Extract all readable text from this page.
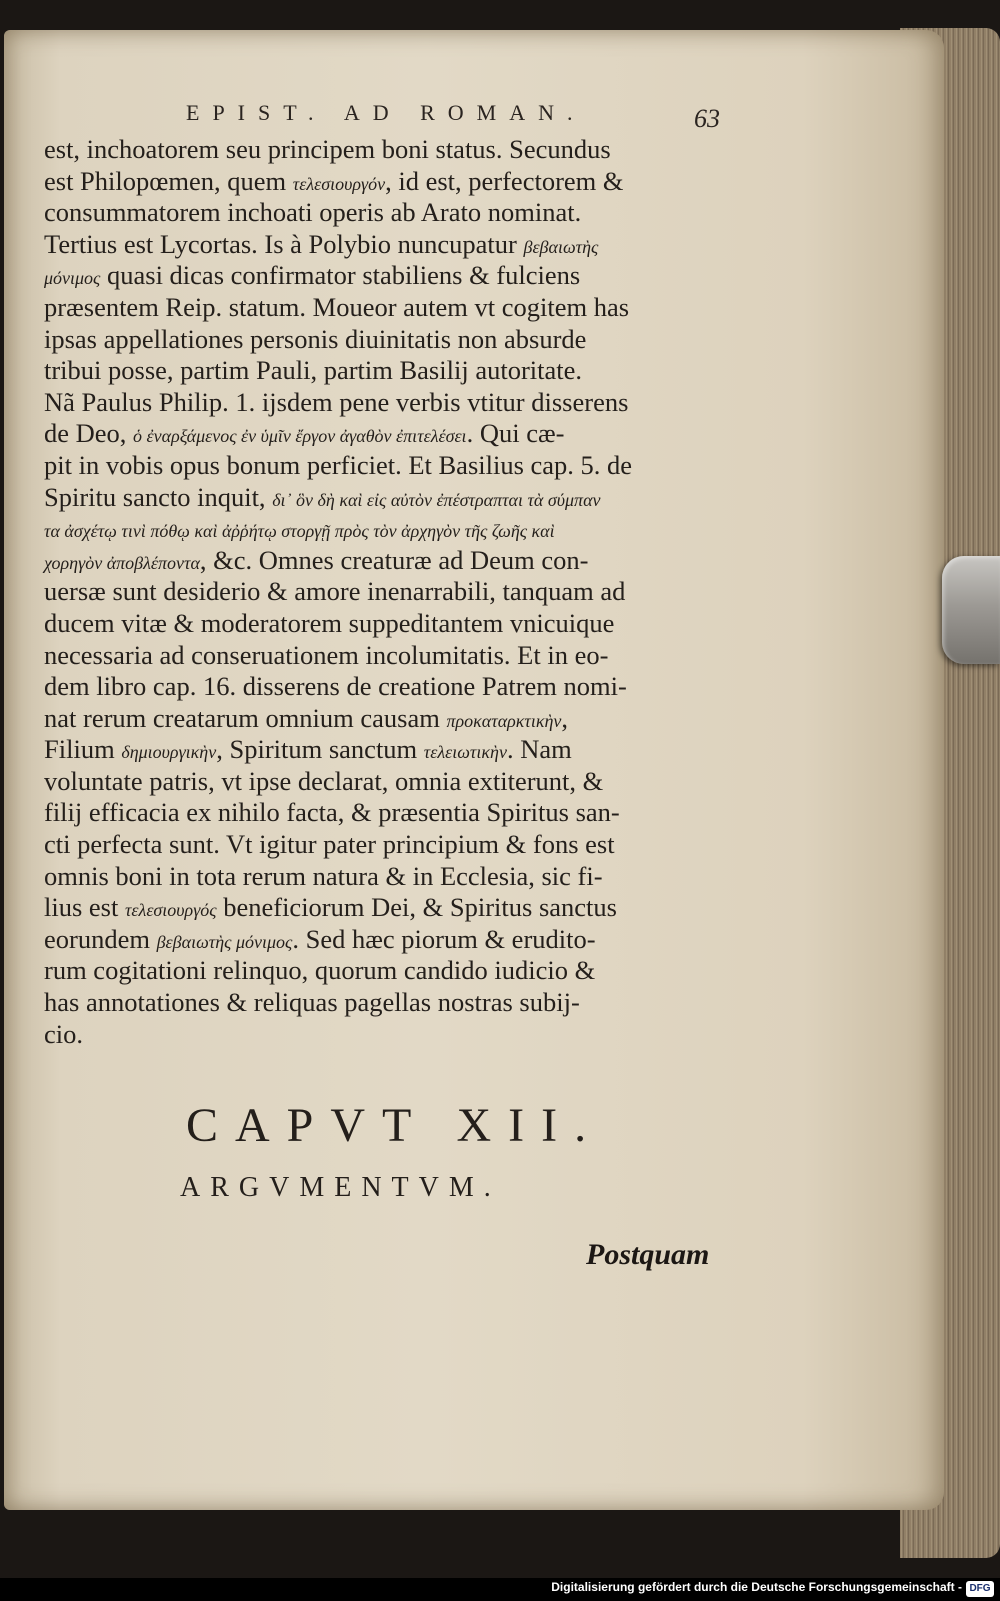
EPIST. AD ROMAN.	63
est, inchoatorem seu principem boni status. Secundus
est Philopœmen, quem τελεσιουργόν, id est, perfectorem &
consummatorem inchoati operis ab Arato nominat.
Tertius est Lycortas. Is à Polybio nuncupatur βεβαιωτὴς
μόνιμος quasi dicas confirmator stabiliens & fulciens
præsentem Reip. statum. Moueor autem vt cogitem has
ipsas appellationes personis diuinitatis non absurde
tribui posse, partim Pauli, partim Basilij autoritate.
Nã Paulus Philip. 1. ijsdem pene verbis vtitur disserens
de Deo, ὁ ἐναρξάμενος ἐν ὑμῖν ἔργον ἀγαθὸν ἐπιτελέσει. Qui cæ-
pit in vobis opus bonum perficiet. Et Basilius cap. 5. de
Spiritu sancto inquit, δι᾽ ὃν δὴ καὶ εἰς αὐτὸν ἐπέστραπται τὰ σύμπαν
τα ἀσχέτῳ τινὶ πόθῳ καὶ ἀῤῥήτῳ στοργῇ πρὸς τὸν ἀρχηγὸν τῆς ζωῆς καὶ
χορηγὸν ἀποβλέποντα, &c. Omnes creaturæ ad Deum con-
uersæ sunt desiderio & amore inenarrabili, tanquam ad
ducem vitæ & moderatorem suppeditantem vnicuique
necessaria ad conseruationem incolumitatis. Et in eo-
dem libro cap. 16. disserens de creatione Patrem nomi-
nat rerum creatarum omnium causam προκαταρκτικὴν,
Filium δημιουργικὴν, Spiritum sanctum τελειωτικὴν. Nam
voluntate patris, vt ipse declarat, omnia extiterunt, &
filij efficacia ex nihilo facta, & præsentia Spiritus san-
cti perfecta sunt. Vt igitur pater principium & fons est
omnis boni in tota rerum natura & in Ecclesia, sic fi-
lius est τελεσιουργός beneficiorum Dei, & Spiritus sanctus
eorundem βεβαιωτὴς μόνιμος. Sed hæc piorum & erudito-
rum cogitationi relinquo, quorum candido iudicio &
has annotationes & reliquas pagellas nostras subij-
cio.
CAPVT XII.
ARGVMENTVM.
Postquam
Digitalisierung gefördert durch die Deutsche Forschungsgemeinschaft - DFG
